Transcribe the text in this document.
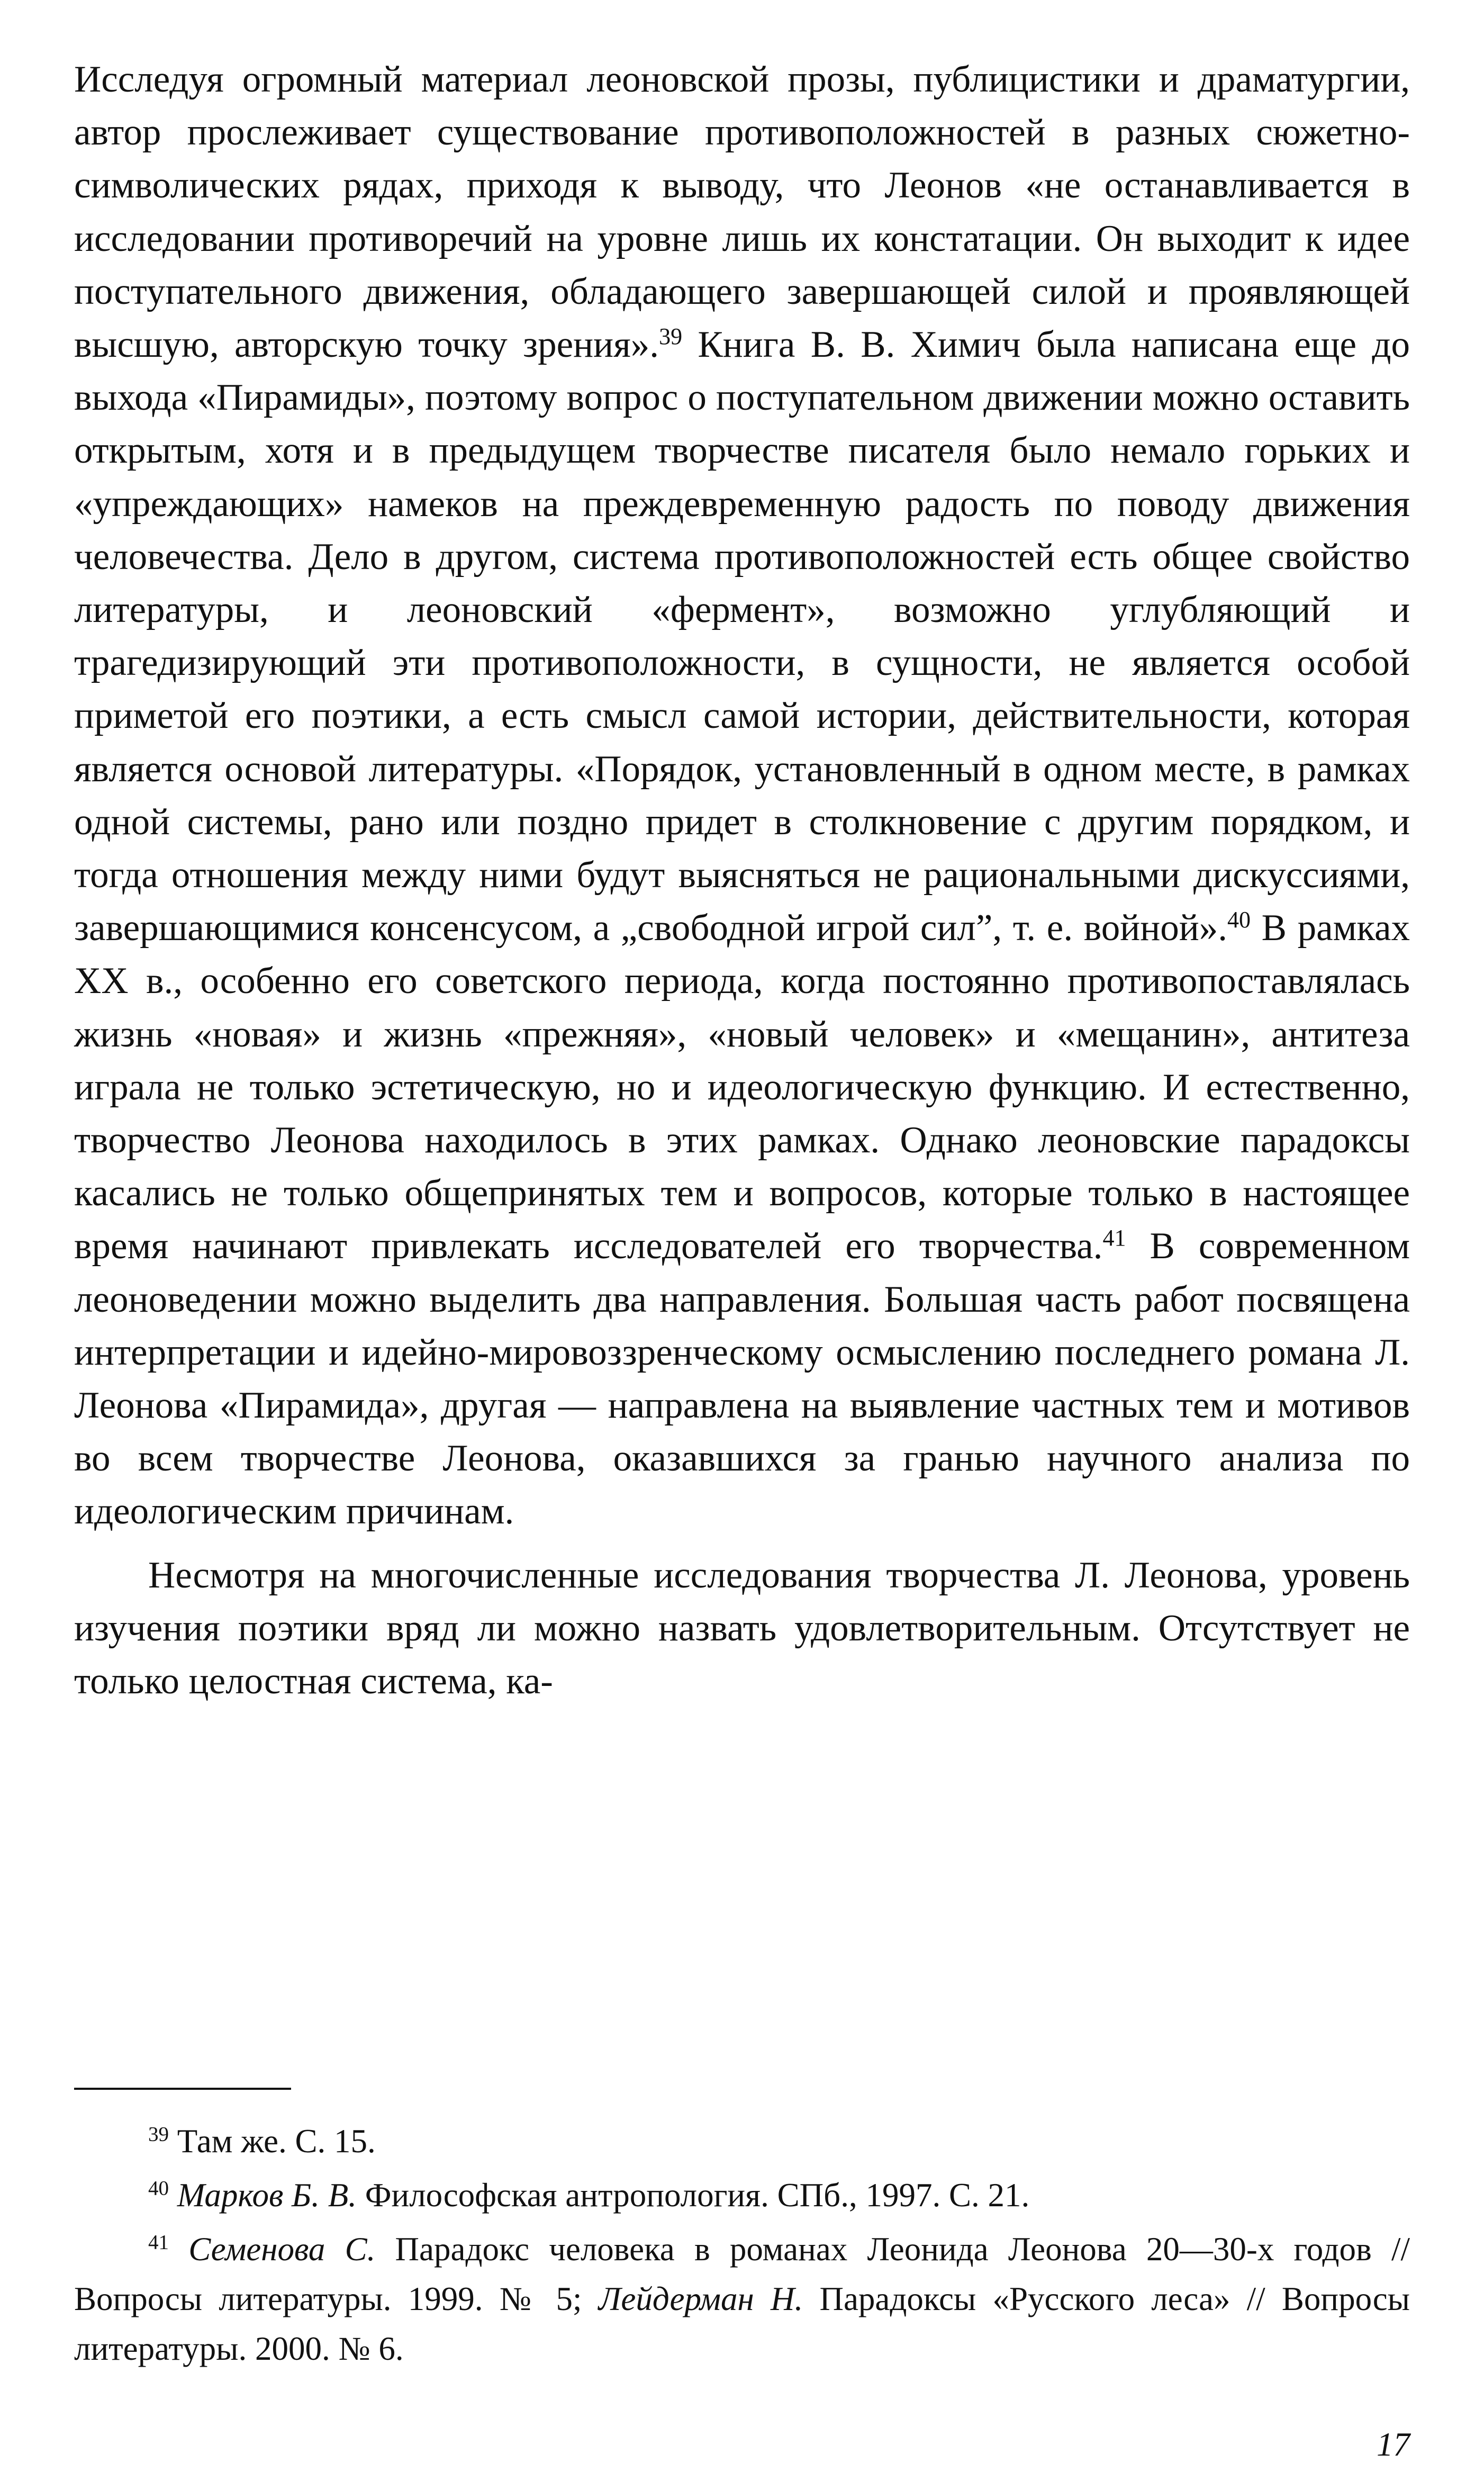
Исследуя огромный материал леоновской прозы, публицистики и драматургии, автор прослеживает существование противоположностей в разных сюжетно-символических рядах, приходя к выводу, что Леонов «не останавливается в исследовании противоречий на уровне лишь их констатации. Он выходит к идее поступательного движения, обладающего завершающей силой и проявляющей высшую, авторскую точку зрения».$^{39}$ Книга В. В. Химич была написана еще до выхода «Пирамиды», поэтому вопрос о поступательном движении можно оставить открытым, хотя и в предыдущем творчестве писателя было немало горьких и «упреждающих» намеков на преждевременную радость по поводу движения человечества. Дело в другом, система противоположностей есть общее свойство литературы, и леоновский «фермент», возможно углубляющий и трагедизирующий эти противоположности, в сущности, не является особой приметой его поэтики, а есть смысл самой истории, действительности, которая является основой литературы. «Порядок, установленный в одном месте, в рамках одной системы, рано или поздно придет в столкновение с другим порядком, и тогда отношения между ними будут выясняться не рациональными дискуссиями, завершающимися консенсусом, а „свободной игрой сил”, т. е. войной».$^{40}$ В рамках XX в., особенно его советского периода, когда постоянно противопоставлялась жизнь «новая» и жизнь «прежняя», «новый человек» и «мещанин», антитеза играла не только эстетическую, но и идеологическую функцию. И естественно, творчество Леонова находилось в этих рамках. Однако леоновские парадоксы касались не только общепринятых тем и вопросов, которые только в настоящее время начинают привлекать исследователей его творчества.$^{41}$ В современном леоноведении можно выделить два направления. Большая часть работ посвящена интерпретации и идейно-мировоззренческому осмыслению последнего романа Л. Леонова «Пирамида», другая — направлена на выявление частных тем и мотивов во всем творчестве Леонова, оказавшихся за гранью научного анализа по идеологическим причинам.

Несмотря на многочисленные исследования творчества Л. Леонова, уровень изучения поэтики вряд ли можно назвать удовлетворительным. Отсутствует не только целостная система, ка-

$^{39}$ Там же. С. 15.

$^{40}$ Марков Б. В. Философская антропология. СПб., 1997. С. 21.

$^{41}$ Семенова С. Парадокс человека в романах Леонида Леонова 20—30-х годов // Вопросы литературы. 1999. № 5; Лейдерман Н. Парадоксы «Русского леса» // Вопросы литературы. 2000. № 6.

17
